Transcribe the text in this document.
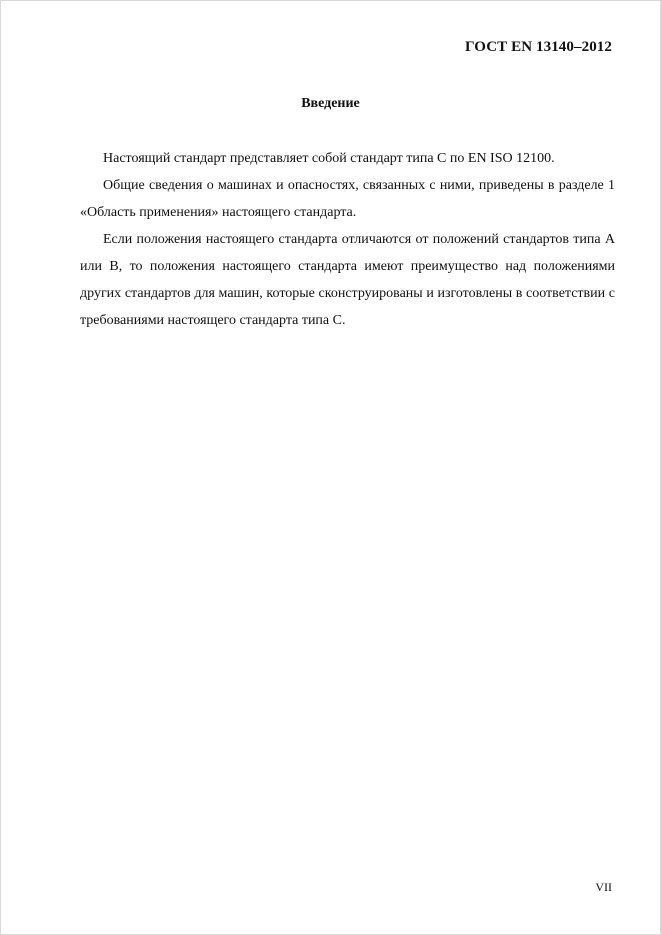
ГОСТ EN 13140–2012
Введение

Настоящий стандарт представляет собой стандарт типа С по EN ISO 12100.

Общие сведения о машинах и опасностях, связанных с ними, приведены в разделе 1 «Область применения» настоящего стандарта.

Если положения настоящего стандарта отличаются от положений стандартов типа А или В, то положения настоящего стандарта имеют преимущество над положениями других стандартов для машин, которые сконструированы и изготовлены в соответствии с требованиями настоящего стандарта типа С.

VII
